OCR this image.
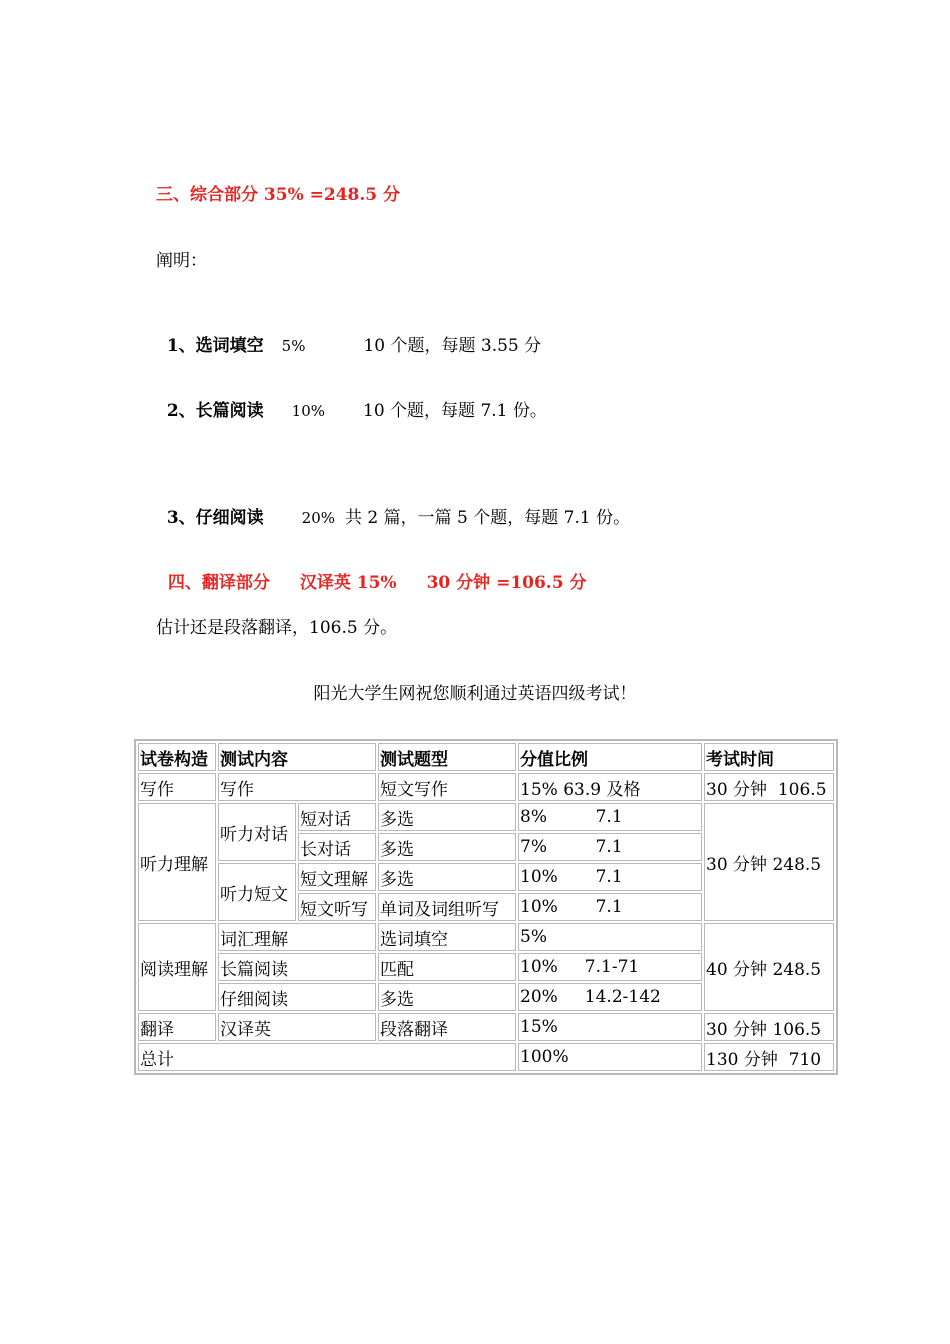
三、综合部分 35% =248.5 分
阐明：

1、选词填空 5%	10 个题，每题 3.55 分

2、长篇阅读 10% 10 个题，每题 7.1 份。

3、仔细阅读	20% 共 2 篇，一篇 5 个题，每题 7.1 份。

四、翻译部分 汉译英 15% 30 分钟 =106.5 分

估计还是段落翻译，106.5 分。
阳光大学生网祝您顺利通过英语四级考试！
试卷构造	测试内容		测试题型	分值比例	考试时间
写作	写作		短文写作	15% 63.9 及格	30 分钟  106.5
听力理解	听力对话	短对话	多选	8%         7.1	30 分钟 248.5
		长对话	多选	7%         7.1	
	听力短文	短文理解	多选	10%       7.1	
		短文听写	单词及词组听写	10%       7.1	
阅读理解	词汇理解		选词填空	5%	40 分钟 248.5
	长篇阅读		匹配	10%     7.1-71	
	仔细阅读		多选	20%     14.2-142	
翻译	汉译英		段落翻译	15%	30 分钟 106.5
总计				100%	130 分钟  710
